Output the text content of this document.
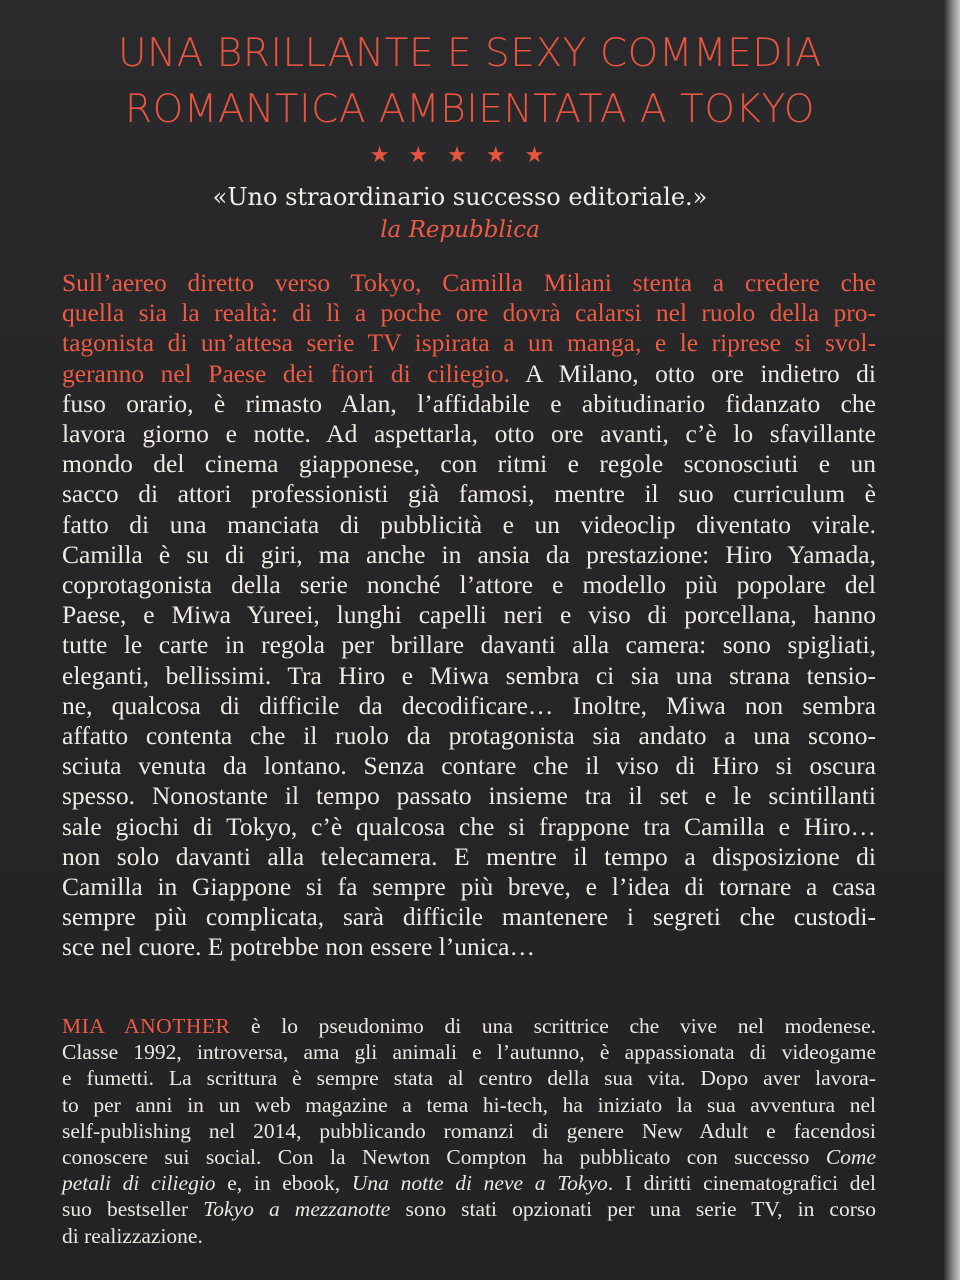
UNA BRILLANTE E SEXY COMMEDIA
ROMANTICA AMBIENTATA A TOKYO
★ ★ ★ ★ ★
«Uno straordinario successo editoriale.»
la Repubblica
Sull’aereo diretto verso Tokyo, Camilla Milani stenta a credere che
quella sia la realtà: di lì a poche ore dovrà calarsi nel ruolo della pro-
tagonista di un’attesa serie TV ispirata a un manga, e le riprese si svol-
geranno nel Paese dei fiori di ciliegio. A Milano, otto ore indietro di
fuso orario, è rimasto Alan, l’affidabile e abitudinario fidanzato che
lavora giorno e notte. Ad aspettarla, otto ore avanti, c’è lo sfavillante
mondo del cinema giapponese, con ritmi e regole sconosciuti e un
sacco di attori professionisti già famosi, mentre il suo curriculum è
fatto di una manciata di pubblicità e un videoclip diventato virale.
Camilla è su di giri, ma anche in ansia da prestazione: Hiro Yamada,
coprotagonista della serie nonché l’attore e modello più popolare del
Paese, e Miwa Yureei, lunghi capelli neri e viso di porcellana, hanno
tutte le carte in regola per brillare davanti alla camera: sono spigliati,
eleganti, bellissimi. Tra Hiro e Miwa sembra ci sia una strana tensio-
ne, qualcosa di difficile da decodificare… Inoltre, Miwa non sembra
affatto contenta che il ruolo da protagonista sia andato a una scono-
sciuta venuta da lontano. Senza contare che il viso di Hiro si oscura
spesso. Nonostante il tempo passato insieme tra il set e le scintillanti
sale giochi di Tokyo, c’è qualcosa che si frappone tra Camilla e Hiro…
non solo davanti alla telecamera. E mentre il tempo a disposizione di
Camilla in Giappone si fa sempre più breve, e l’idea di tornare a casa
sempre più complicata, sarà difficile mantenere i segreti che custodi-
sce nel cuore. E potrebbe non essere l’unica…
MIA ANOTHER è lo pseudonimo di una scrittrice che vive nel modenese.
Classe 1992, introversa, ama gli animali e l’autunno, è appassionata di videogame
e fumetti. La scrittura è sempre stata al centro della sua vita. Dopo aver lavora-
to per anni in un web magazine a tema hi-tech, ha iniziato la sua avventura nel
self-publishing nel 2014, pubblicando romanzi di genere New Adult e facendosi
conoscere sui social. Con la Newton Compton ha pubblicato con successo Come
petali di ciliegio e, in ebook, Una notte di neve a Tokyo. I diritti cinematografici del
suo bestseller Tokyo a mezzanotte sono stati opzionati per una serie TV, in corso
di realizzazione.
